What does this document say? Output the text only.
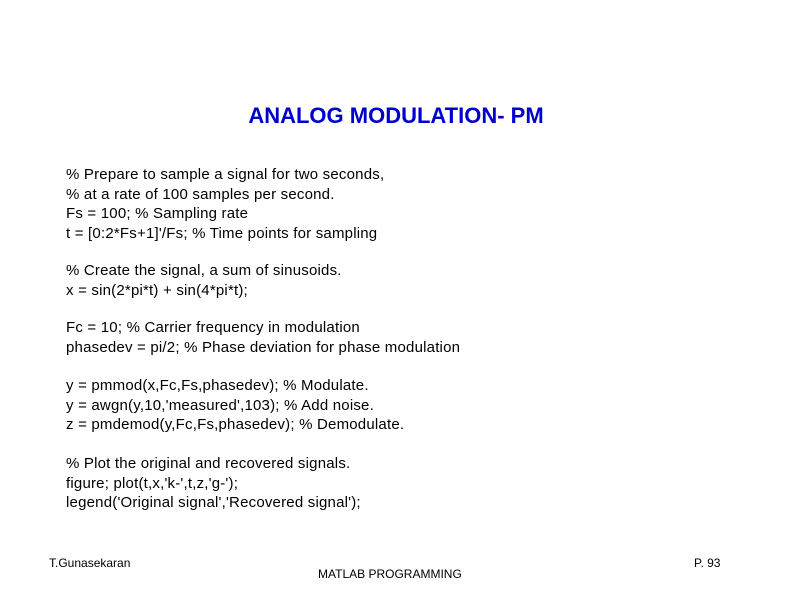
ANALOG MODULATION- PM
% Prepare to sample a signal for two seconds,
% at a rate of 100 samples per second.
Fs = 100; % Sampling rate
t = [0:2*Fs+1]'/Fs; % Time points for sampling
% Create the signal, a sum of sinusoids.
x = sin(2*pi*t) + sin(4*pi*t);
Fc = 10; % Carrier frequency in modulation
phasedev = pi/2; % Phase deviation for phase modulation
y = pmmod(x,Fc,Fs,phasedev); % Modulate.
y = awgn(y,10,'measured',103); % Add noise.
z = pmdemod(y,Fc,Fs,phasedev); % Demodulate.
% Plot the original and recovered signals.
figure; plot(t,x,'k-',t,z,'g-');
legend('Original signal','Recovered signal');
T.Gunasekaran
MATLAB PROGRAMMING
P. 93
